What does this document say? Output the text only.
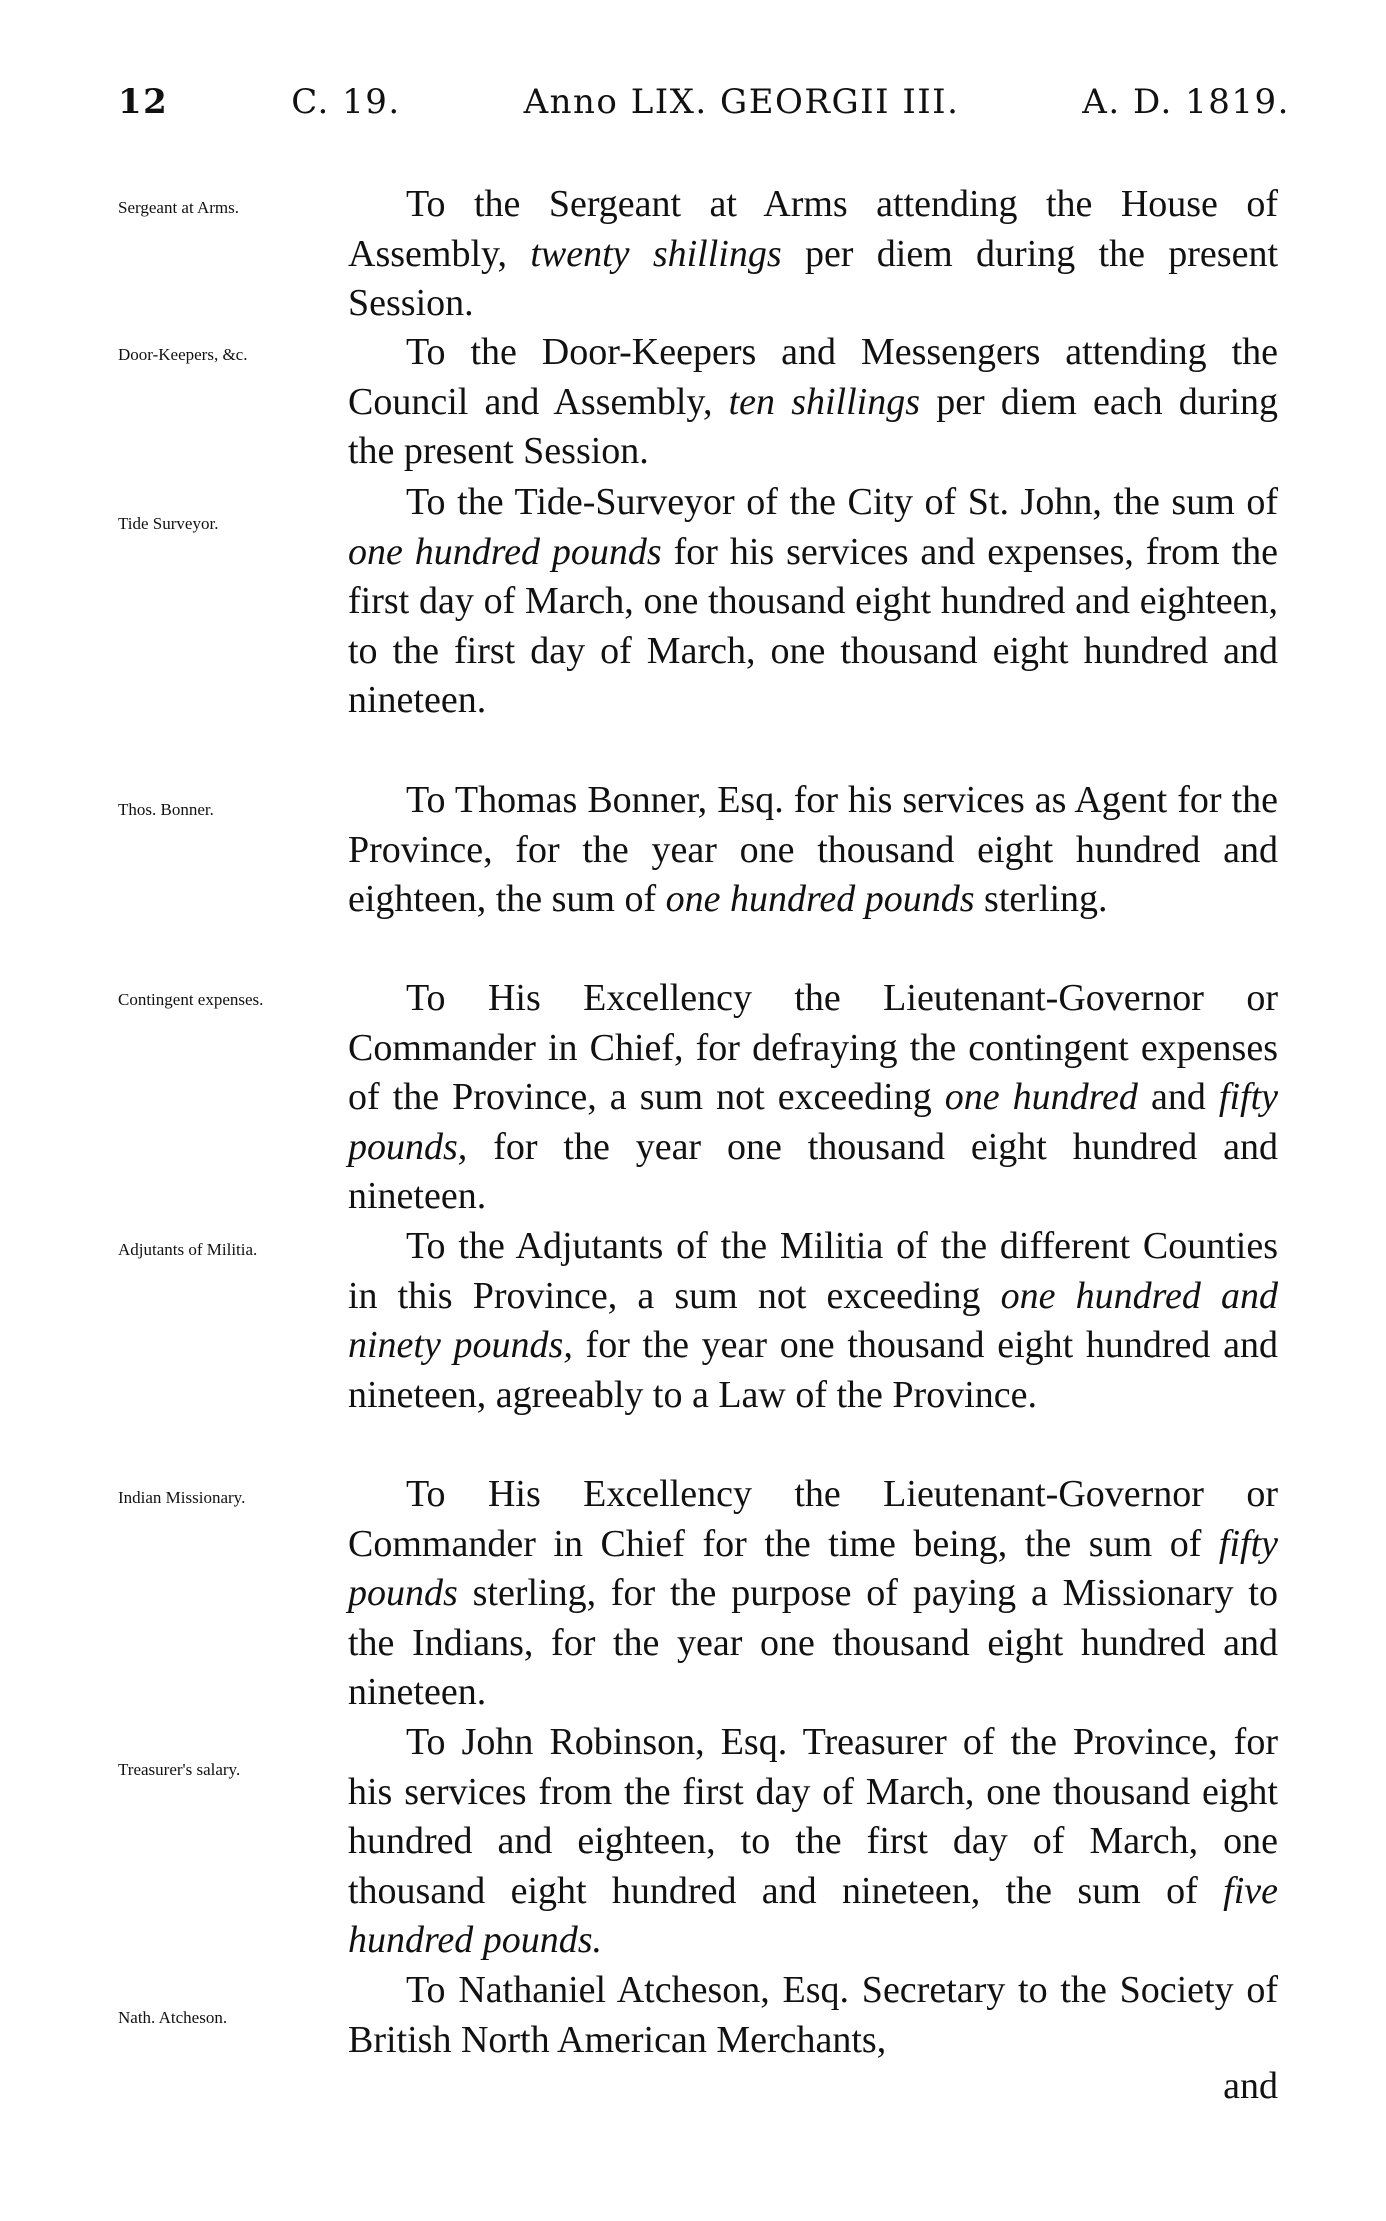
12	C. 19.	Anno LIX. GEORGII III.	A. D. 1819.
Sergeant at Arms.	To the Sergeant at Arms attending the House of Assembly, twenty shillings per diem during the present Session.
Door-Keepers, &c.	To the Door-Keepers and Messengers attending the Council and Assembly, ten shillings per diem each during the present Session.
Tide Surveyor.
To the Tide-Surveyor of the City of St. John, the sum of one hundred pounds for his services and expenses, from the first day of March, one thousand eight hundred and eighteen, to the first day of March, one thousand eight hundred and nineteen.
Thos. Bonner.	To Thomas Bonner, Esq. for his services as Agent for the Province, for the year one thousand eight hundred and eighteen, the sum of one hundred pounds sterling.
Contingent expenses.	To His Excellency the Lieutenant-Governor or Commander in Chief, for defraying the contingent expenses of the Province, a sum not exceeding one hundred and fifty pounds, for the year one thousand eight hundred and nineteen.
Adjutants of Militia.	To the Adjutants of the Militia of the different Counties in this Province, a sum not exceeding one hundred and ninety pounds, for the year one thousand eight hundred and nineteen, agreeably to a Law of the Province.
Indian Missionary.	To His Excellency the Lieutenant-Governor or Commander in Chief for the time being, the sum of fifty pounds sterling, for the purpose of paying a Missionary to the Indians, for the year one thousand eight hundred and nineteen.
Treasurer's salary.
To John Robinson, Esq. Treasurer of the Province, for his services from the first day of March, one thousand eight hundred and eighteen, to the first day of March, one thousand eight hundred and nineteen, the sum of five hundred pounds.
Nath. Atcheson.
To Nathaniel Atcheson, Esq. Secretary to the Society of British North American Merchants,
and
